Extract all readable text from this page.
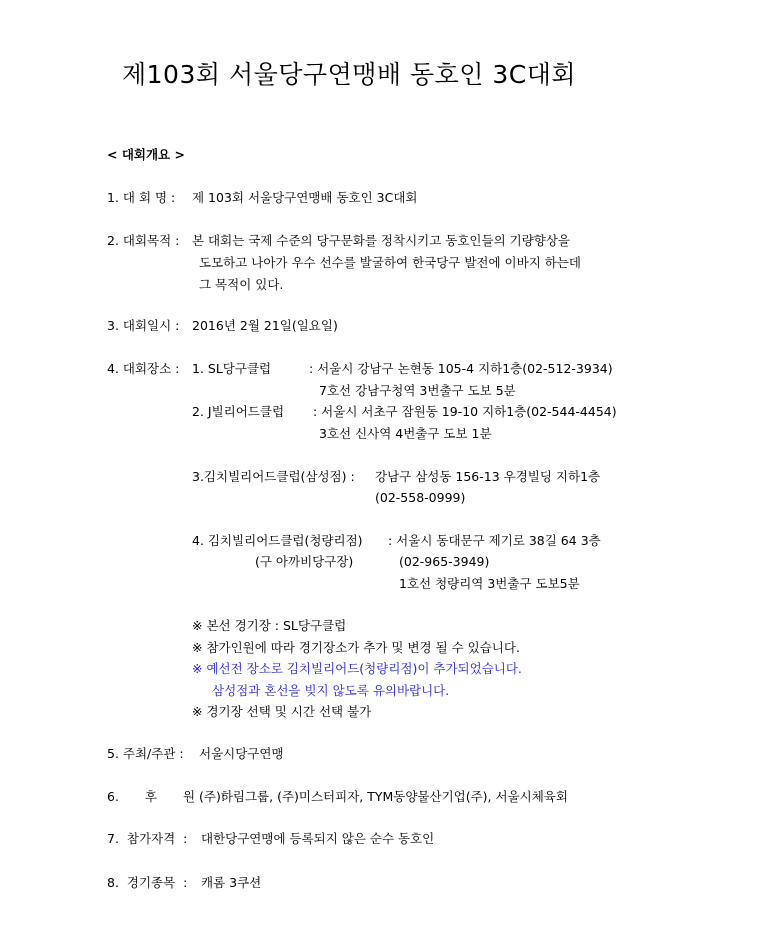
제103회 서울당구연맹배 동호인 3C대회
< 대회개요 >
1. 대 회 명 : 제 103회 서울당구연맹배 동호인 3C대회
2. 대회목적 : 본 대회는 국제 수준의 당구문화를 정착시키고 동호인들의 기량향상을
도모하고 나아가 우수 선수를 발굴하여 한국당구 발전에 이바지 하는데
그 목적이 있다.
3. 대회일시 : 2016년 2월 21일(일요일)
4. 대회장소 : 1. SL당구클럽	: 서울시 강남구 논현동 105-4 지하1층(02-512-3934)
7호선 강남구청역 3번출구 도보 5분
2. J빌리어드클럽 : 서울시 서초구 잠원동 19-10 지하1층(02-544-4454)
3호선 신사역 4번출구 도보 1분
3.김치빌리어드클럽(삼성점) : 강남구 삼성동 156-13 우경빌딩 지하1층
(02-558-0999)
4. 김치빌리어드클럽(청량리점) : 서울시 동대문구 제기로 38길 64 3층
(구 아까비당구장)	(02-965-3949)
1호선 청량리역 3번출구 도보5분
※ 본선 경기장 : SL당구클럽
※ 참가인원에 따라 경기장소가 추가 및 변경 될 수 있습니다.
※ 예선전 장소로 김치빌리어드(청량리점)이 추가되었습니다.
삼성점과 혼선을 빚지 않도록 유의바랍니다.
※ 경기장 선택 및 시간 선택 불가
5. 주최/주관 : 서울시당구연맹
6. 후 원 :
(주)하림그룹, (주)미스터피자, TYM동양물산기업(주), 서울시체육회
7. 참가자격 : 대한당구연맹에 등록되지 않은 순수 동호인
8. 경기종목 : 캐롬 3쿠션
